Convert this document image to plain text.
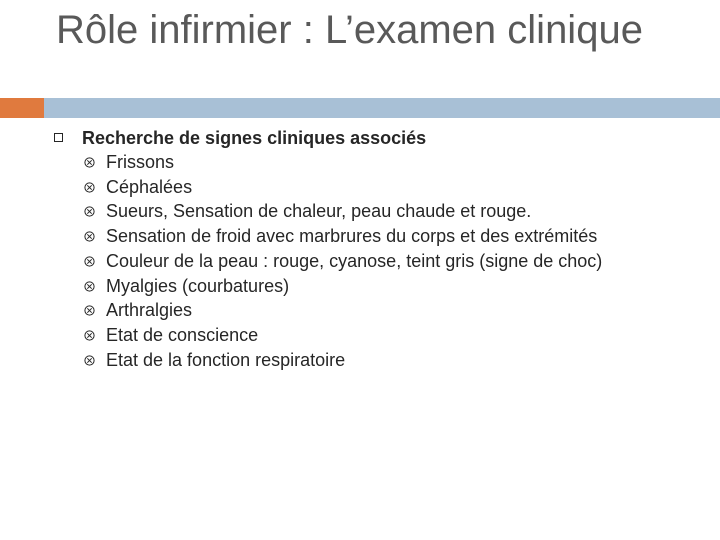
Rôle infirmier : L’examen clinique
Recherche de signes cliniques associés
Frissons
Céphalées
Sueurs, Sensation de chaleur, peau chaude et rouge.
Sensation de froid avec marbrures du corps et des extrémités
Couleur de la peau : rouge, cyanose, teint gris (signe de choc)
Myalgies (courbatures)
Arthralgies
Etat de conscience
Etat de la fonction respiratoire
